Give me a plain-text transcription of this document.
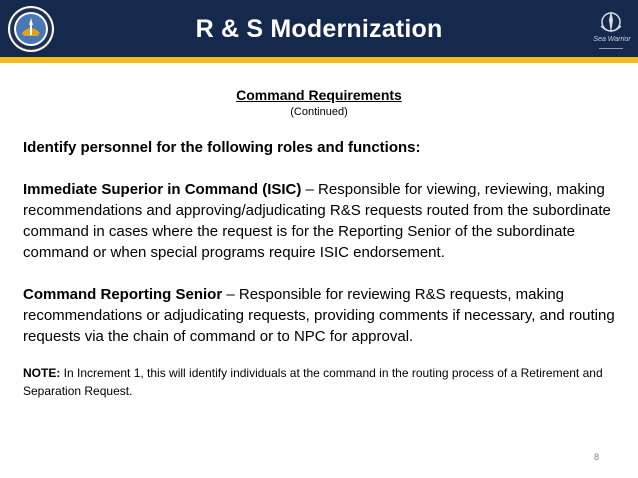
R & S Modernization	Sea Warrior
Command Requirements
(Continued)

Identify personnel for the following roles and functions:

Immediate Superior in Command (ISIC) – Responsible for viewing, reviewing, making recommendations and approving/adjudicating R&S requests routed from the subordinate command in cases where the request is for the Reporting Senior of the subordinate command or when special programs require ISIC endorsement.

Command Reporting Senior – Responsible for reviewing R&S requests, making recommendations or adjudicating requests, providing comments if necessary, and routing requests via the chain of command or to NPC for approval.

NOTE: In Increment 1, this will identify individuals at the command in the routing process of a Retirement and Separation Request.

8
